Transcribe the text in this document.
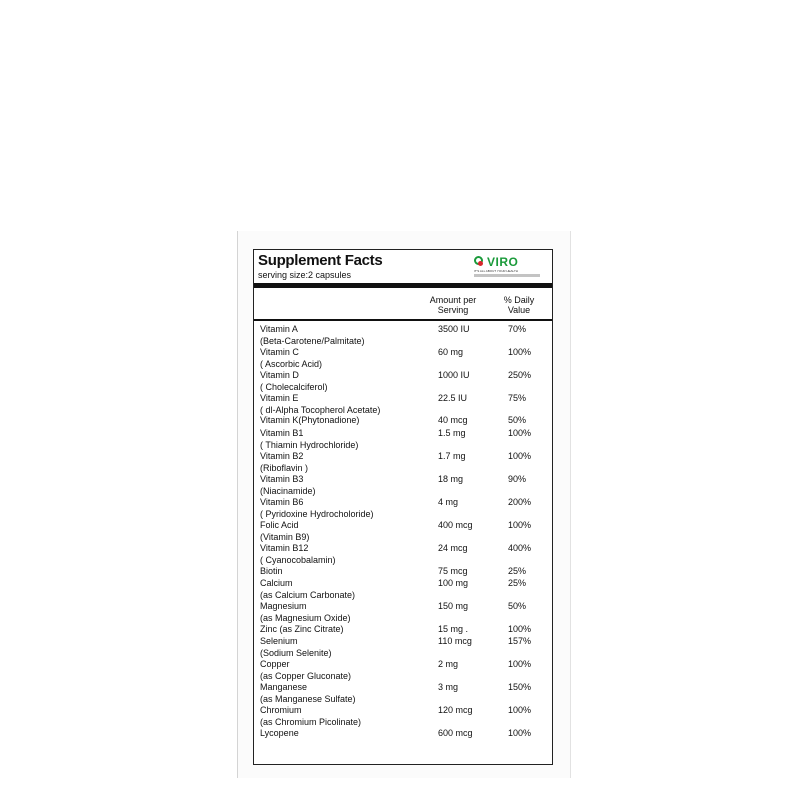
Supplement Facts
serving size:2 capsules
VIRO
IT'S ALL ABOUT YOUR HEALTH
Amount per Serving
% Daily Value
Vitamin A
(Beta-Carotene/Palmitate)
3500 IU	70%
Vitamin C
( Ascorbic Acid)
60 mg	100%
Vitamin D
( Cholecalciferol)
1000 IU	250%
Vitamin E
( dl-Alpha Tocopherol Acetate)
22.5 IU	75%
Vitamin K(Phytonadione)	40 mcg	50%
Vitamin B1
( Thiamin Hydrochloride)
1.5 mg	100%
Vitamin B2
(Riboflavin )
1.7 mg	100%
Vitamin B3
(Niacinamide)
18 mg	90%
Vitamin B6
( Pyridoxine Hydrocholoride)
4 mg	200%
Folic Acid
(Vitamin B9)
400 mcg	100%
Vitamin B12
( Cyanocobalamin)
24 mcg	400%
Biotin	75 mcg	25%
Calcium
(as Calcium Carbonate)
100 mg	25%
Magnesium
(as Magnesium Oxide)
150 mg	50%
Zinc (as Zinc Citrate)	15 mg .	100%
Selenium
(Sodium Selenite)
110 mcg	157%
Copper
(as Copper Gluconate)
2 mg	100%
Manganese
(as Manganese Sulfate)
3 mg	150%
Chromium
(as Chromium Picolinate)
120 mcg	100%
Lycopene	600 mcg	100%
